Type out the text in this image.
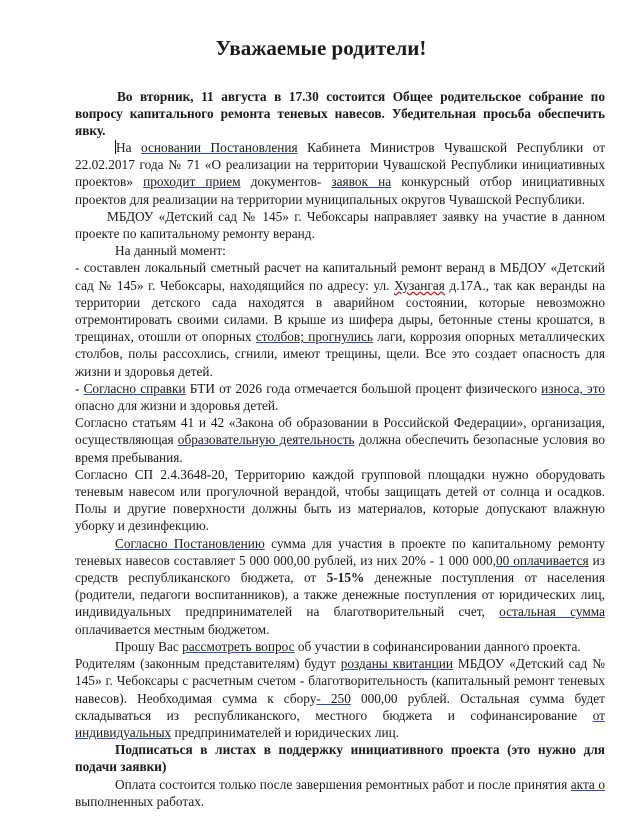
Уважаемые родители!
Во вторник, 11 августа в 17.30 состоится Общее родительское собрание по вопросу капитального ремонта теневых навесов. Убедительная просьба обеспечить явку.

На основании Постановления Кабинета Министров Чувашской Республики от 22.02.2017 года № 71 «О реализации на территории Чувашской Республики инициативных проектов» проходит прием документов- заявок на конкурсный отбор инициативных проектов для реализации на территории муниципальных округов Чувашской Республики.

МБДОУ «Детский сад № 145» г. Чебоксары направляет заявку на участие в данном проекте по капитальному ремонту веранд.

На данный момент:

- составлен локальный сметный расчет на капитальный ремонт веранд в МБДОУ «Детский сад № 145» г. Чебоксары, находящийся по адресу: ул. Хузангая д.17А., так как веранды на территории детского сада находятся в аварийном состоянии, которые невозможно отремонтировать своими силами. В крыше из шифера дыры, бетонные стены крошатся, в трещинах, отошли от опорных столбов; прогнулись лаги, коррозия опорных металлических столбов, полы рассохлись, сгнили, имеют трещины, щели. Все это создает опасность для жизни и здоровья детей.

- Согласно справки БТИ от 2026 года отмечается большой процент физического износа, это опасно для жизни и здоровья детей.

Согласно статьям 41 и 42 «Закона об образовании в Российской Федерации», организация, осуществляющая образовательную деятельность должна обеспечить безопасные условия во время пребывания.

Согласно СП 2.4.3648-20, Территорию каждой групповой площадки нужно оборудовать теневым навесом или прогулочной верандой, чтобы защищать детей от солнца и осадков. Полы и другие поверхности должны быть из материалов, которые допускают влажную уборку и дезинфекцию.

Согласно Постановлению сумма для участия в проекте по капитальному ремонту теневых навесов составляет 5 000 000,00 рублей, из них 20% - 1 000 000,00 оплачивается из средств республиканского бюджета, от 5-15% денежные поступления от населения (родители, педагоги воспитанников), а также денежные поступления от юридических лиц, индивидуальных предпринимателей на благотворительный счет, остальная сумма оплачивается местным бюджетом.

Прошу Вас рассмотреть вопрос об участии в софинансировании данного проекта.

Родителям (законным представителям) будут розданы квитанции МБДОУ «Детский сад № 145» г. Чебоксары с расчетным счетом - благотворительность (капитальный ремонт теневых навесов). Необходимая сумма к сбору- 250 000,00 рублей. Остальная сумма будет складываться из республиканского, местного бюджета и софинансирование от индивидуальных предпринимателей и юридических лиц.

Подписаться в листах в поддержку инициативного проекта (это нужно для подачи заявки)

Оплата состоится только после завершения ремонтных работ и после принятия акта о выполненных работах.
